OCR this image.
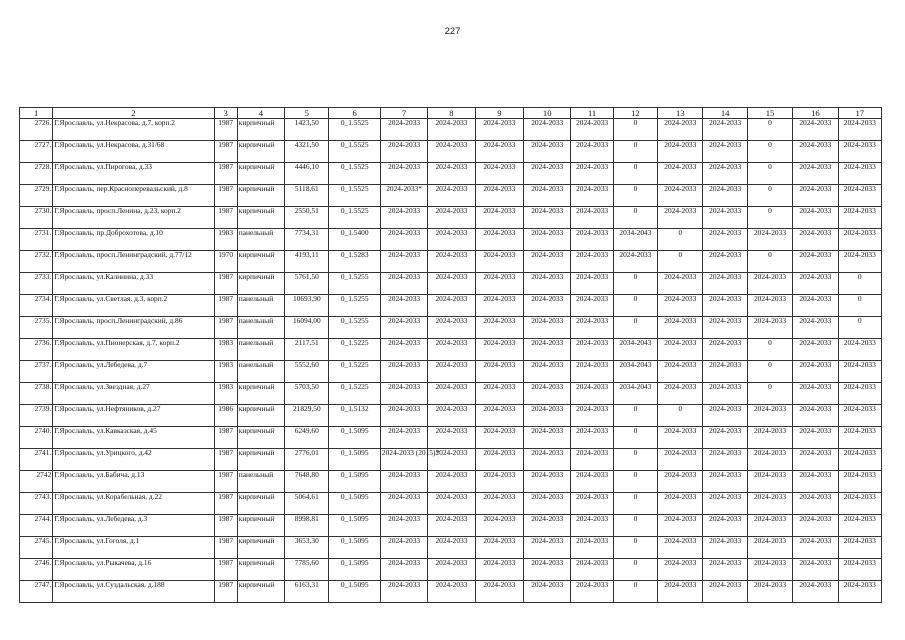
227
1	2	3	4	5	6	7	8	9	10	11	12	13	14	15	16	17
2726.	Г.Ярославль, ул.Некрасова, д.7, корп.2	1987	кирпичный	1423,50	0_1.5525	2024-2033	2024-2033	2024-2033	2024-2033	2024-2033	0	2024-2033	2024-2033	0	2024-2033	2024-2033
2727.	Г.Ярославль, ул.Некрасова, д.31/68	1987	кирпичный	4321,50	0_1.5525	2024-2033	2024-2033	2024-2033	2024-2033	2024-2033	0	2024-2033	2024-2033	0	2024-2033	2024-2033
2728.	Г.Ярославль, ул.Пирогова, д.33	1987	кирпичный	4446,10	0_1.5525	2024-2033	2024-2033	2024-2033	2024-2033	2024-2033	0	2024-2033	2024-2033	0	2024-2033	2024-2033
2729.	Г.Ярославль, пер.Красноперевальский, д.8	1987	кирпичный	5118,61	0_1.5525	2024-2033*	2024-2033	2024-2033	2024-2033	2024-2033	0	2024-2033	2024-2033	0	2024-2033	2024-2033
2730.	Г.Ярославль, просп.Ленина, д.23, корп.2	1987	кирпичный	2550,51	0_1.5525	2024-2033	2024-2033	2024-2033	2024-2033	2024-2033	0	2024-2033	2024-2033	0	2024-2033	2024-2033
2731.	Г.Ярославль, пр.Доброхотова, д.10	1983	панельный	7734,31	0_1.5400	2024-2033	2024-2033	2024-2033	2024-2033	2024-2033	2034-2043	0	2024-2033	2024-2033	2024-2033	2024-2033
2732.	Г.Ярославль, просп.Ленинградский, д.77/12	1970	кирпичный	4193,11	0_1.5283	2024-2033	2024-2033	2024-2033	2024-2033	2024-2033	2024-2033	0	2024-2033	0	2024-2033	2024-2033
2733.	Г.Ярославль, ул.Калинина, д.33	1987	кирпичный	5761,50	0_1.5255	2024-2033	2024-2033	2024-2033	2024-2033	2024-2033	0	2024-2033	2024-2033	2024-2033	2024-2033	0
2734.	Г.Ярославль, ул.Светлая, д.3, корп.2	1987	панельный	10693,90	0_1.5255	2024-2033	2024-2033	2024-2033	2024-2033	2024-2033	0	2024-2033	2024-2033	2024-2033	2024-2033	0
2735.	Г.Ярославль, просп.Ленинградский, д.86	1987	панельный	16094,00	0_1.5255	2024-2033	2024-2033	2024-2033	2024-2033	2024-2033	0	2024-2033	2024-2033	2024-2033	2024-2033	0
2736.	Г.Ярославль, ул.Пионерская, д.7, корп.2	1983	панельный	2117,51	0_1.5225	2024-2033	2024-2033	2024-2033	2024-2033	2024-2033	2034-2043	2024-2033	2024-2033	0	2024-2033	2024-2033
2737.	Г.Ярославль, ул.Лебедева, д.7	1983	панельный	5552,60	0_1.5225	2024-2033	2024-2033	2024-2033	2024-2033	2024-2033	2034-2043	2024-2033	2024-2033	0	2024-2033	2024-2033
2738.	Г.Ярославль, ул.Звездная, д.27	1983	кирпичный	5703,50	0_1.5225	2024-2033	2024-2033	2024-2033	2024-2033	2024-2033	2034-2043	2024-2033	2024-2033	0	2024-2033	2024-2033
2739.	Г.Ярославль, ул.Нефтяников, д.27	1986	кирпичный	21829,50	0_1.5132	2024-2033	2024-2033	2024-2033	2024-2033	2024-2033	0	0	2024-2033	2024-2033	2024-2033	2024-2033
2740.	Г.Ярославль, ул.Кавказская, д.45	1987	кирпичный	6249,60	0_1.5095	2024-2033	2024-2033	2024-2033	2024-2033	2024-2033	0	2024-2033	2024-2033	2024-2033	2024-2033	2024-2033
2741.	Г.Ярославль, ул.Урицкого, д.42	1987	кирпичный	2776,01	0_1.5095	2024-2033 (2015)*	2024-2033	2024-2033	2024-2033	2024-2033	0	2024-2033	2024-2033	2024-2033	2024-2033	2024-2033
2742	Г.Ярославль, ул.Бабича, д.13	1987	панельный	7648,80	0_1.5095	2024-2033	2024-2033	2024-2033	2024-2033	2024-2033	0	2024-2033	2024-2033	2024-2033	2024-2033	2024-2033
2743.	Г.Ярославль, ул.Корабельная, д.22	1987	кирпичный	5064,61	0_1.5095	2024-2033	2024-2033	2024-2033	2024-2033	2024-2033	0	2024-2033	2024-2033	2024-2033	2024-2033	2024-2033
2744.	Г.Ярославль, ул.Лебедева, д.3	1987	кирпичный	8998,81	0_1.5095	2024-2033	2024-2033	2024-2033	2024-2033	2024-2033	0	2024-2033	2024-2033	2024-2033	2024-2033	2024-2033
2745.	Г.Ярославль, ул.Гоголя, д.1	1987	кирпичный	3653,30	0_1.5095	2024-2033	2024-2033	2024-2033	2024-2033	2024-2033	0	2024-2033	2024-2033	2024-2033	2024-2033	2024-2033
2746.	Г.Ярославль, ул.Рыкачева, д.16	1987	кирпичный	7785,60	0_1.5095	2024-2033	2024-2033	2024-2033	2024-2033	2024-2033	0	2024-2033	2024-2033	2024-2033	2024-2033	2024-2033
2747.	Г.Ярославль, ул.Суздальская, д.188	1987	кирпичный	6163,31	0_1.5095	2024-2033	2024-2033	2024-2033	2024-2033	2024-2033	0	2024-2033	2024-2033	2024-2033	2024-2033	2024-2033
